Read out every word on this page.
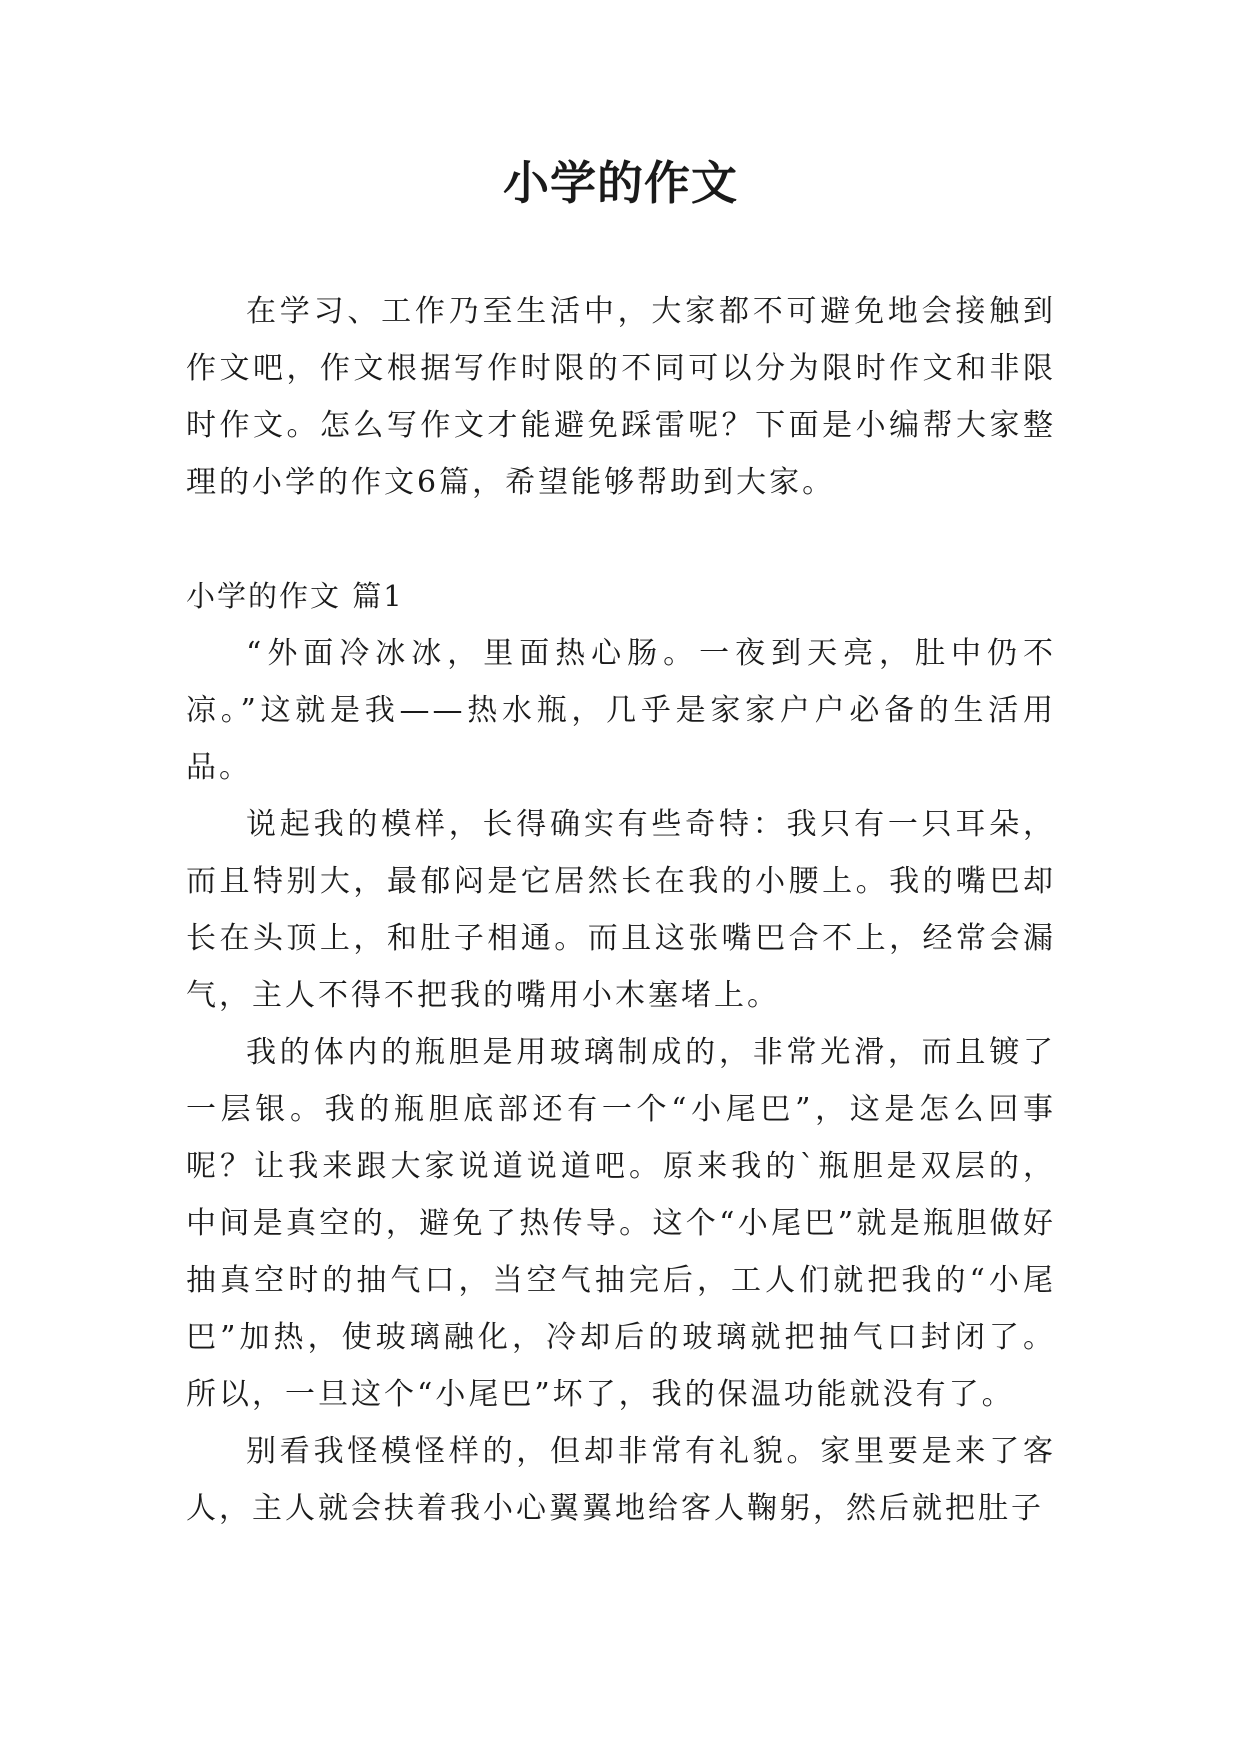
小学的作文

在学习、工作乃至生活中，大家都不可避免地会接触到作文吧，作文根据写作时限的不同可以分为限时作文和非限时作文。怎么写作文才能避免踩雷呢？下面是小编帮大家整理的小学的作文6篇，希望能够帮助到大家。

小学的作文 篇1

“外面冷冰冰，里面热心肠。一夜到天亮，肚中仍不凉。”这就是我——热水瓶，几乎是家家户户必备的生活用品。

说起我的模样，长得确实有些奇特：我只有一只耳朵，而且特别大，最郁闷是它居然长在我的小腰上。我的嘴巴却长在头顶上，和肚子相通。而且这张嘴巴合不上，经常会漏气，主人不得不把我的嘴用小木塞堵上。

我的体内的瓶胆是用玻璃制成的，非常光滑，而且镀了一层银。我的瓶胆底部还有一个“小尾巴”，这是怎么回事呢？让我来跟大家说道说道吧。原来我的`瓶胆是双层的，中间是真空的，避免了热传导。这个“小尾巴”就是瓶胆做好抽真空时的抽气口，当空气抽完后，工人们就把我的“小尾巴”加热，使玻璃融化，冷却后的玻璃就把抽气口封闭了。所以，一旦这个“小尾巴”坏了，我的保温功能就没有了。

别看我怪模怪样的，但却非常有礼貌。家里要是来了客人，主人就会扶着我小心翼翼地给客人鞠躬，然后就把肚子
